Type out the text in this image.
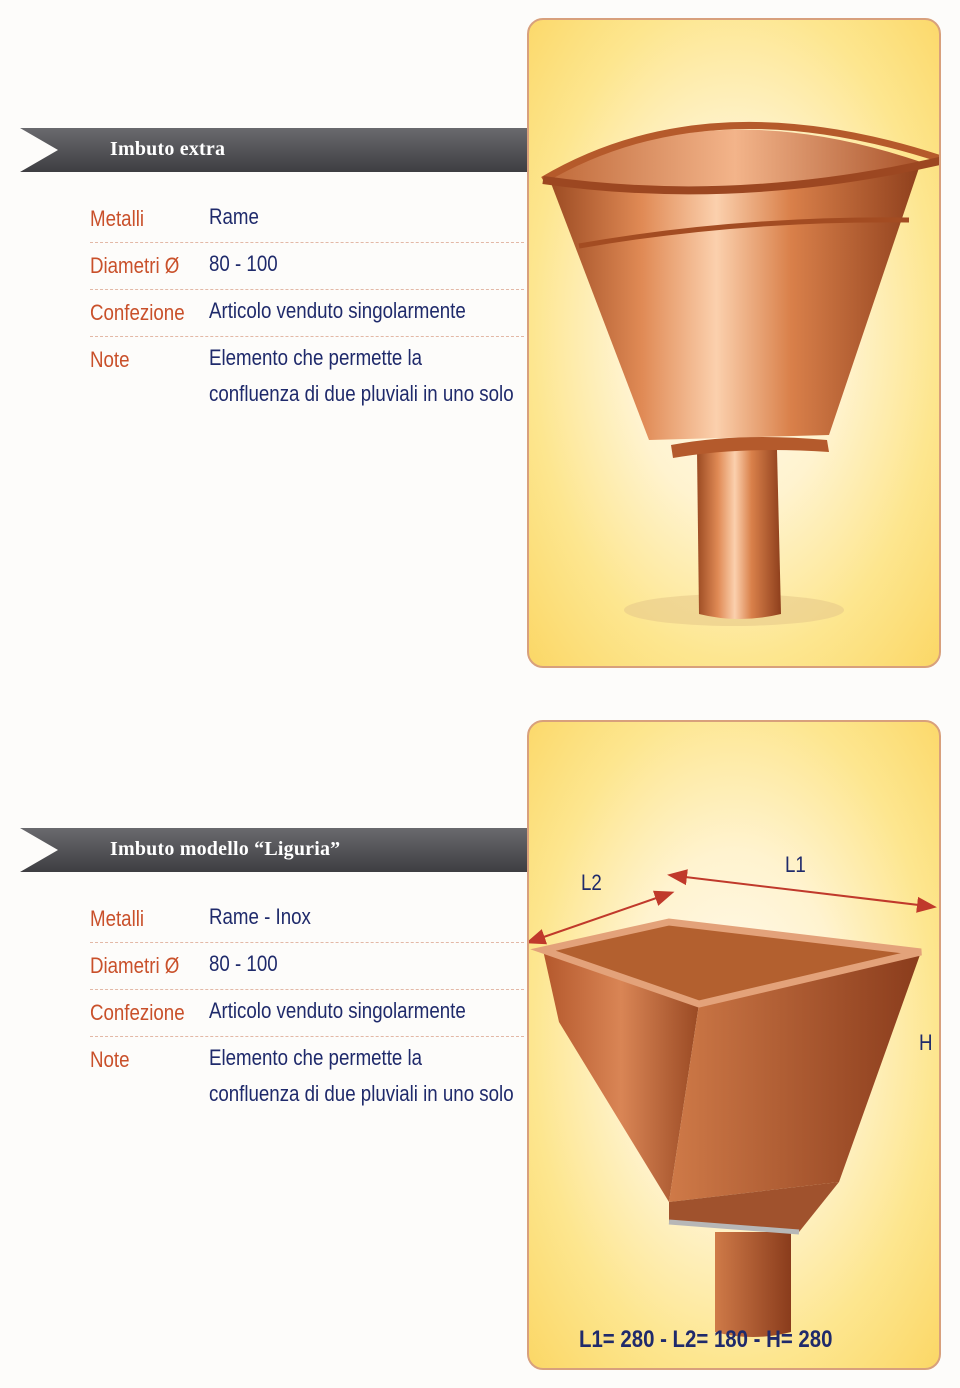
Imbuto extra
Metalli	Rame
Diametri Ø 80 - 100
Confezione Articolo venduto singolarmente
Note	Elemento che permette la
confluenza di due pluviali in uno solo
Imbuto modello “Liguria”
Metalli	Rame - Inox
Diametri Ø 80 - 100
Confezione Articolo venduto singolarmente
Note	Elemento che permette la
confluenza di due pluviali in uno solo
L2
L1
H
L1= 280 - L2= 180 - H= 280
